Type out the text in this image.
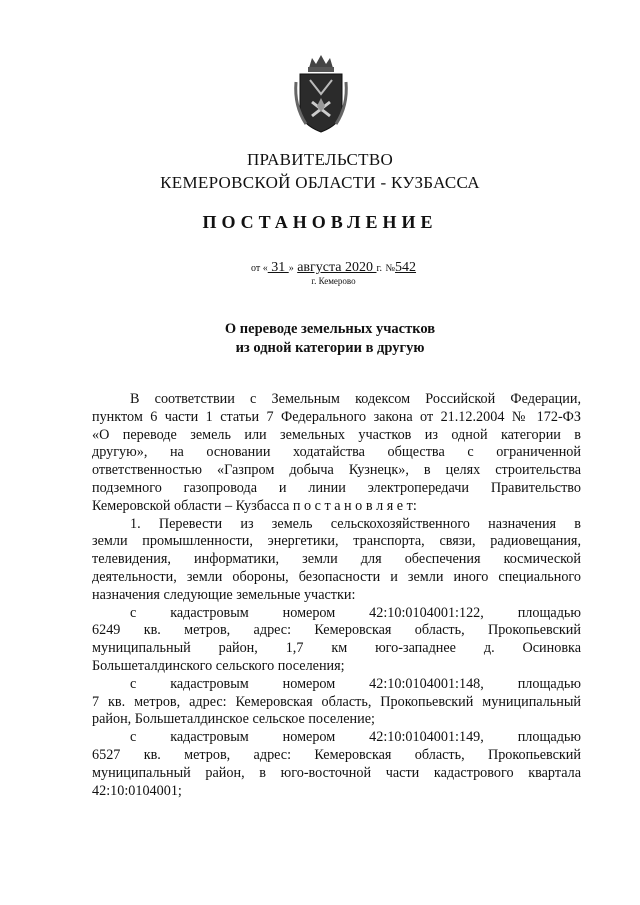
ПРАВИТЕЛЬСТВО
КЕМЕРОВСКОЙ ОБЛАСТИ - КУЗБАССА
ПОСТАНОВЛЕНИЕ
от « 31 » августа 2020 г. №542
г. Кемерово
О переводе земельных участков
из одной категории в другую
В соответствии с Земельным кодексом Российской Федерации,
пунктом 6 части 1 статьи 7 Федерального закона от 21.12.2004 № 172-ФЗ
«О переводе земель или земельных участков из одной категории в
другую», на основании ходатайства общества с ограниченной
ответственностью «Газпром добыча Кузнецк», в целях строительства
подземного газопровода и линии электропередачи Правительство
Кемеровской области – Кузбасса п о с т а н о в л я е т:
1. Перевести из земель сельскохозяйственного назначения в
земли промышленности, энергетики, транспорта, связи, радиовещания,
телевидения, информатики, земли для обеспечения космической
деятельности, земли обороны, безопасности и земли иного специального
назначения следующие земельные участки:
с кадастровым номером 42:10:0104001:122, площадью
6249 кв. метров, адрес: Кемеровская область, Прокопьевский
муниципальный район, 1,7 км юго-западнее д. Осиновка
Большеталдинского сельского поселения;
с кадастровым номером 42:10:0104001:148, площадью
7 кв. метров, адрес: Кемеровская область, Прокопьевский муниципальный
район, Большеталдинское сельское поселение;
с кадастровым номером 42:10:0104001:149, площадью
6527 кв. метров, адрес: Кемеровская область, Прокопьевский
муниципальный район, в юго-восточной части кадастрового квартала
42:10:0104001;
